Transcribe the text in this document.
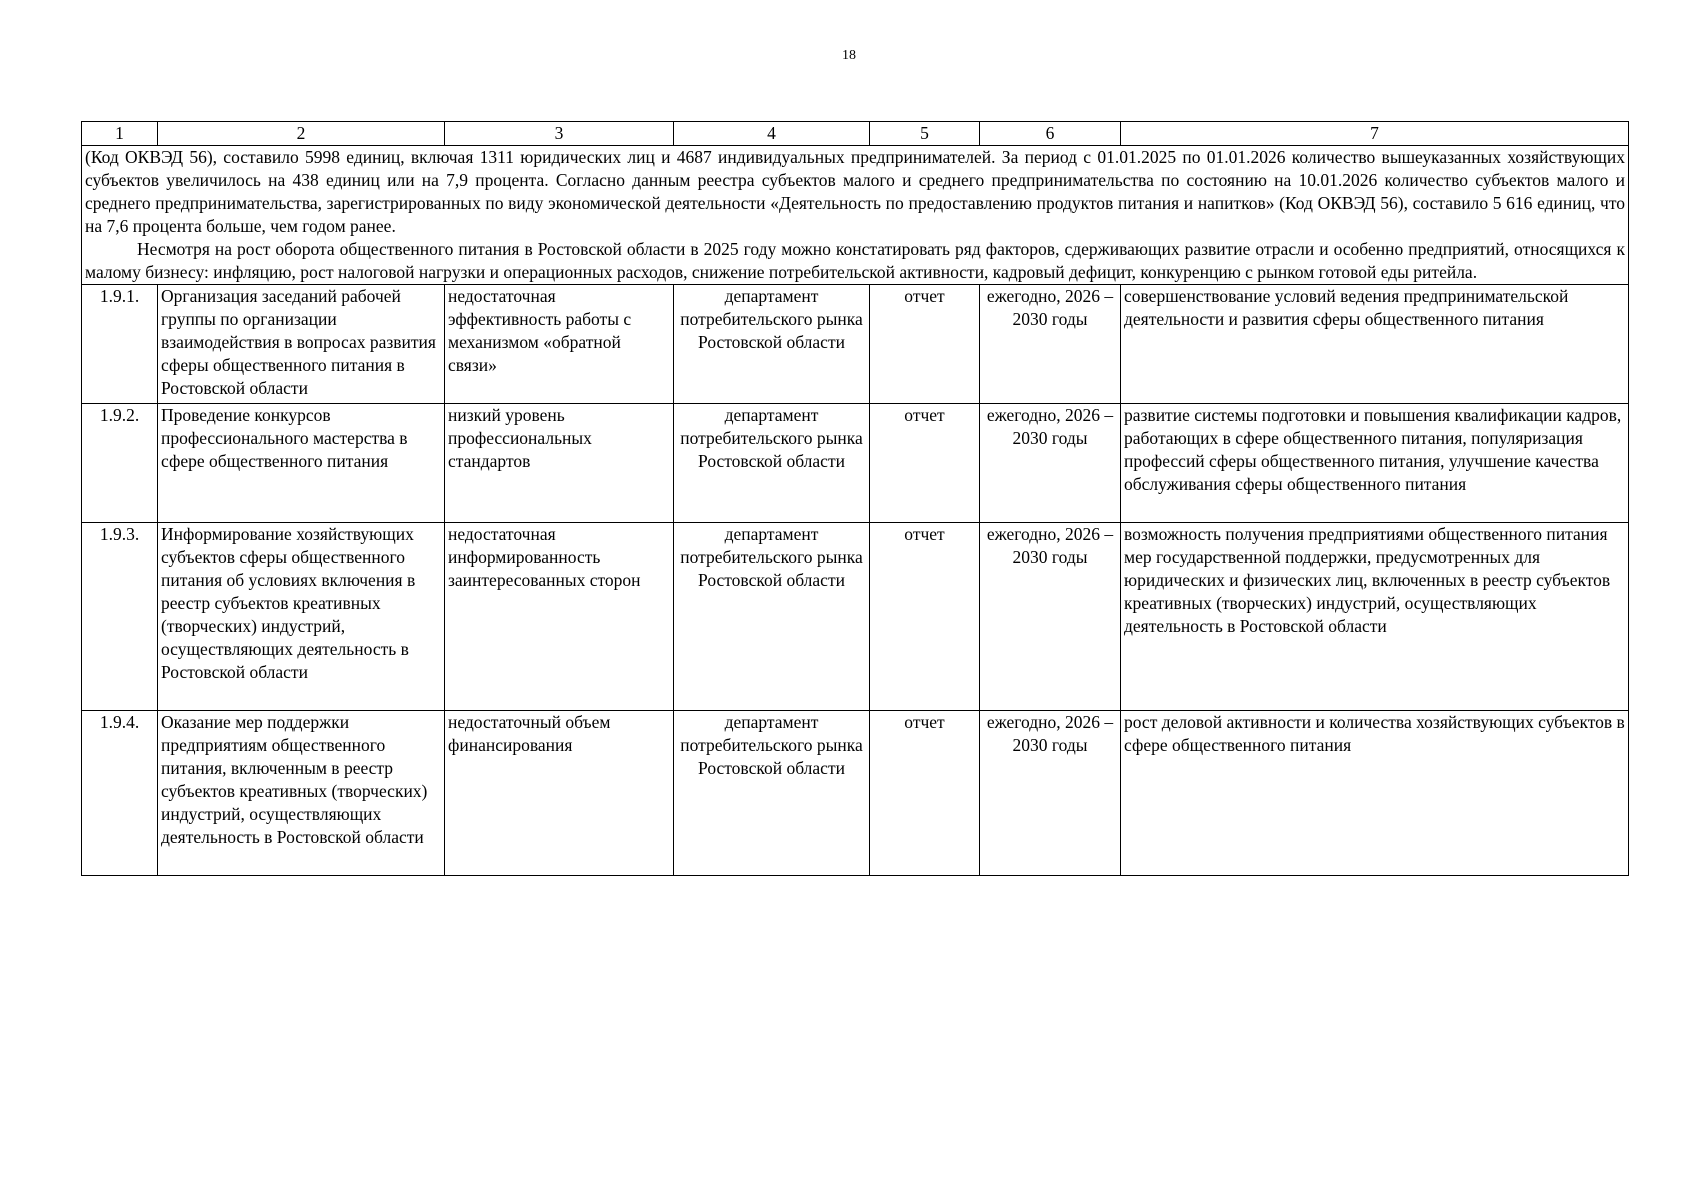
18
1	2	3	4	5	6	7

(Код ОКВЭД 56), составило 5998 единиц, включая 1311 юридических лиц и 4687 индивидуальных предпринимателей. За период с 01.01.2025 по 01.01.2026 количество вышеуказанных хозяйствующих субъектов увеличилось на 438 единиц или на 7,9 процента. Согласно данным реестра субъектов малого и среднего предпринимательства по состоянию на 10.01.2026 количество субъектов малого и среднего предпринимательства, зарегистрированных по виду экономической деятельности «Деятельность по предоставлению продуктов питания и напитков» (Код ОКВЭД 56), составило 5 616 единиц, что на 7,6 процента больше, чем годом ранее.

Несмотря на рост оборота общественного питания в Ростовской области в 2025 году можно констатировать ряд факторов, сдерживающих развитие отрасли и особенно предприятий, относящихся к малому бизнесу: инфляцию, рост налоговой нагрузки и операционных расходов, снижение потребительской активности, кадровый дефицит, конкуренцию с рынком готовой еды ритейла.						

1.9.1.	Организация заседаний рабочей группы по организации взаимодействия в вопросах развития сферы общественного питания в Ростовской области	недостаточная эффективность работы с механизмом «обратной связи»	департамент потребительского рынка Ростовской области	отчет	ежегодно, 2026 – 2030 годы	совершенствование условий ведения предпринимательской деятельности и развития сферы общественного питания
1.9.2.	Проведение конкурсов профессионального мастерства в сфере общественного питания	низкий уровень профессиональных стандартов	департамент потребительского рынка Ростовской области	отчет	ежегодно, 2026 – 2030 годы	развитие системы подготовки и повышения квалификации кадров, работающих в сфере общественного питания, популяризация профессий сферы общественного питания, улучшение качества обслуживания сферы общественного питания
1.9.3.	Информирование хозяйствующих субъектов сферы общественного питания об условиях включения в реестр субъектов креативных (творческих) индустрий, осуществляющих деятельность в Ростовской области	недостаточная информированность заинтересованных сторон	департамент потребительского рынка Ростовской области	отчет	ежегодно, 2026 – 2030 годы	возможность получения предприятиями общественного питания мер государственной поддержки, предусмотренных для юридических и физических лиц, включенных в реестр субъектов креативных (творческих) индустрий, осуществляющих деятельность в Ростовской области
1.9.4.	Оказание мер поддержки предприятиям общественного питания, включенным в реестр субъектов креативных (творческих) индустрий, осуществляющих деятельность в Ростовской области	недостаточный объем финансирования	департамент потребительского рынка Ростовской области	отчет	ежегодно, 2026 – 2030 годы	рост деловой активности и количества хозяйствующих субъектов в сфере общественного питания
